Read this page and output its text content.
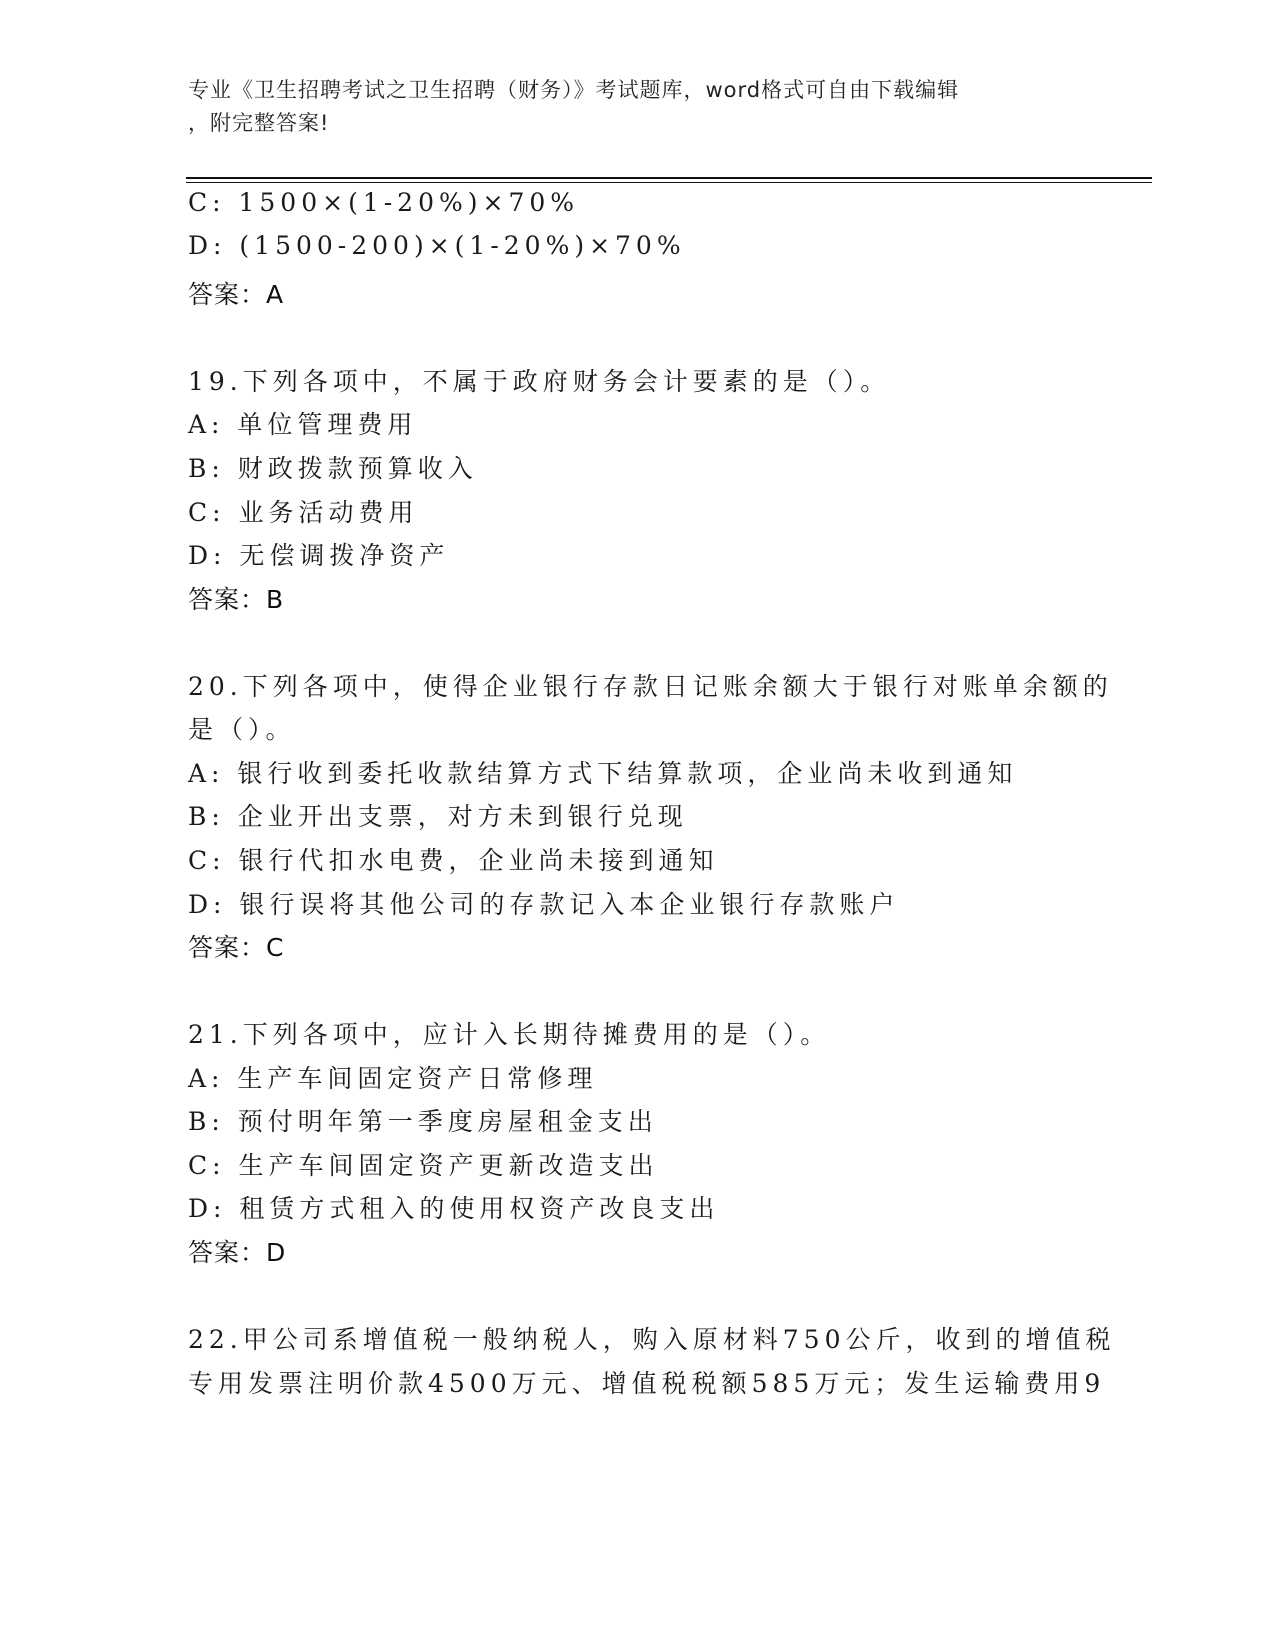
专业《卫生招聘考试之卫生招聘（财务）》考试题库，word格式可自由下载编辑
，附完整答案!
C: 1500×(1-20%)×70%
D: (1500-200)×(1-20%)×70%
答案：A
19.下列各项中，不属于政府财务会计要素的是（）。
A: 单位管理费用
B: 财政拨款预算收入
C: 业务活动费用
D: 无偿调拨净资产
答案：B
20.下列各项中，使得企业银行存款日记账余额大于银行对账单余额的
是（）。
A: 银行收到委托收款结算方式下结算款项，企业尚未收到通知
B: 企业开出支票，对方未到银行兑现
C: 银行代扣水电费，企业尚未接到通知
D: 银行误将其他公司的存款记入本企业银行存款账户
答案：C
21.下列各项中，应计入长期待摊费用的是（）。
A: 生产车间固定资产日常修理
B: 预付明年第一季度房屋租金支出
C: 生产车间固定资产更新改造支出
D: 租赁方式租入的使用权资产改良支出
答案：D
22.甲公司系增值税一般纳税人，购入原材料750公斤，收到的增值税
专用发票注明价款4500万元、增值税税额585万元；发生运输费用9
